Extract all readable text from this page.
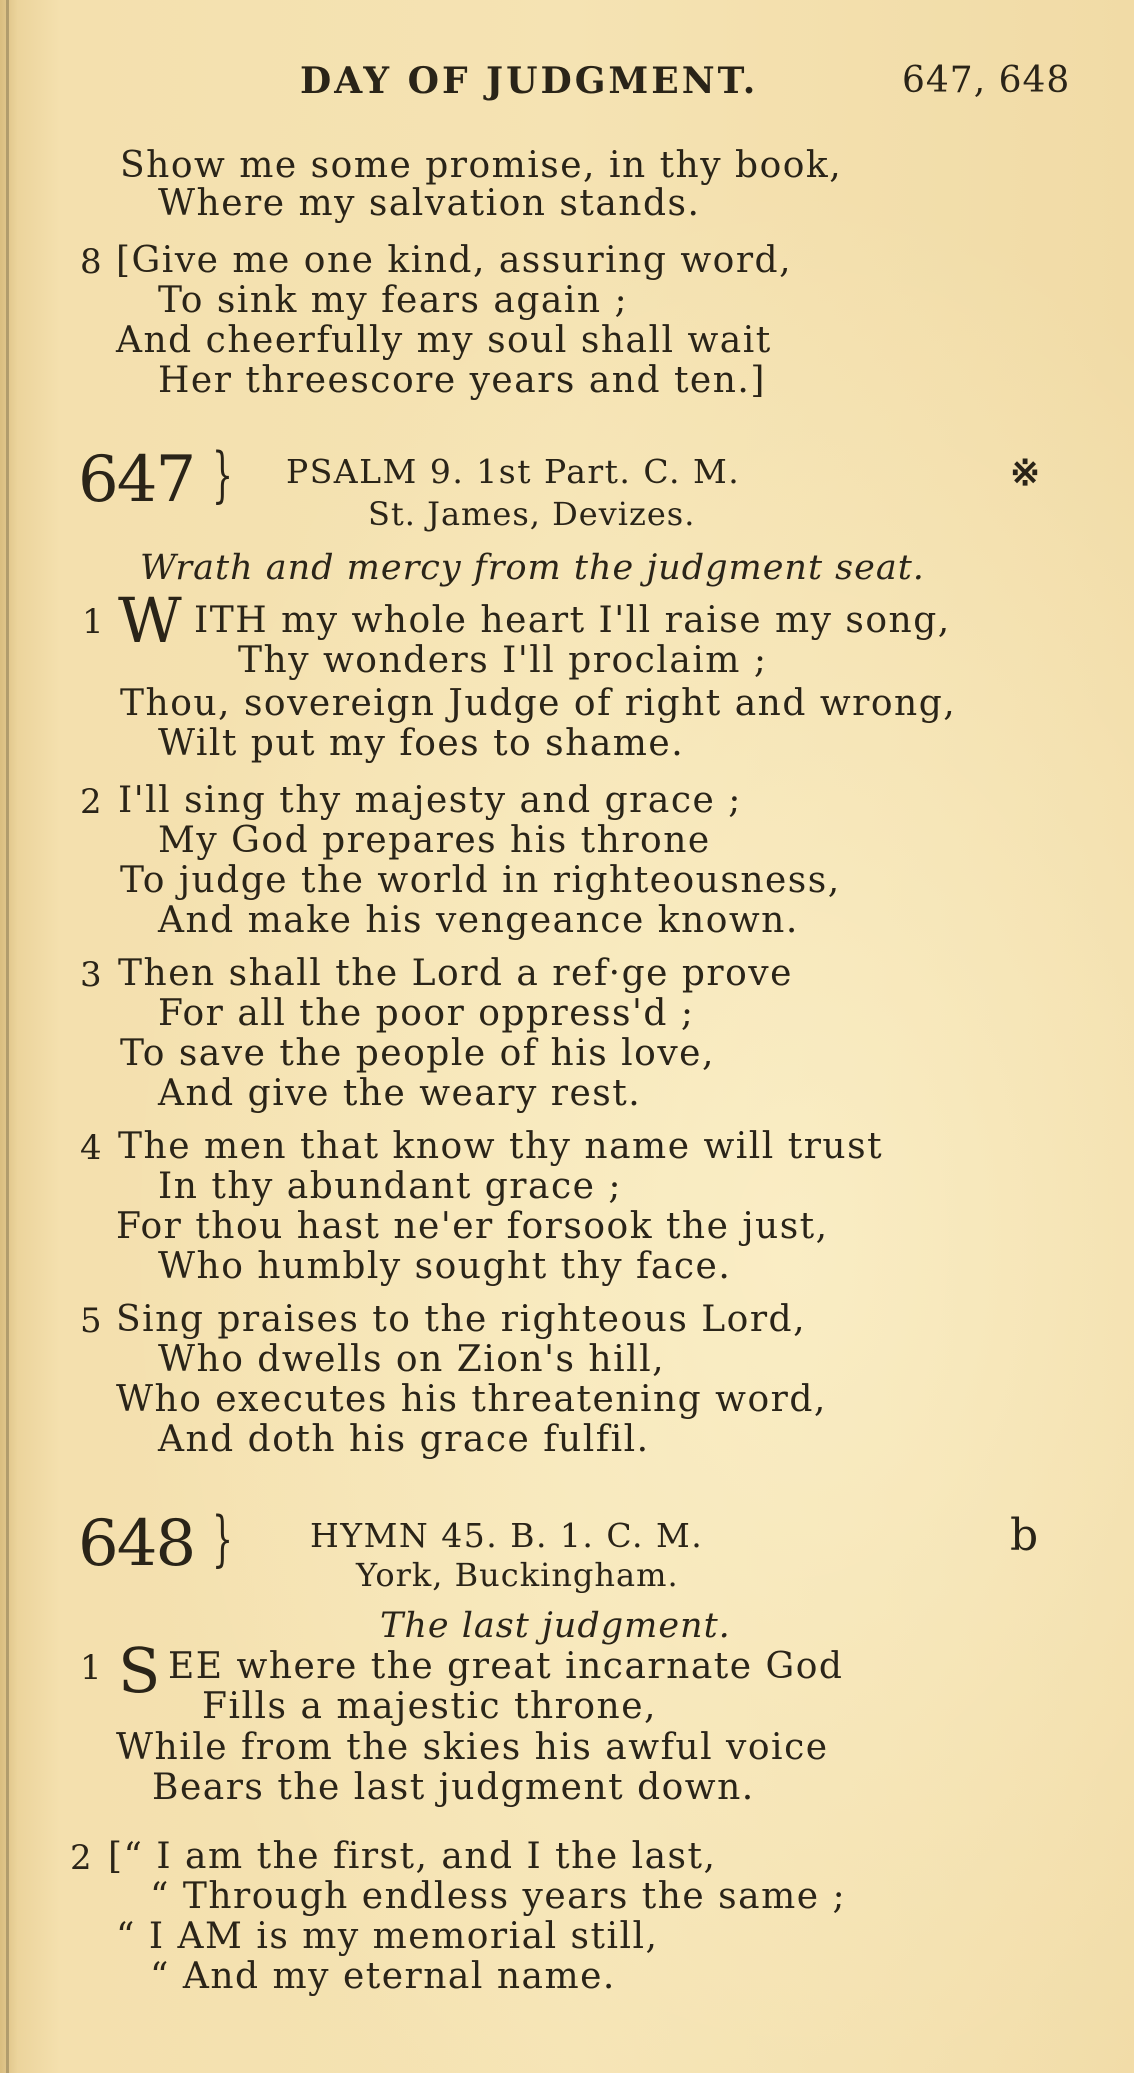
DAY OF JUDGMENT.	647, 648
Show me some promise, in thy book,
Where my salvation stands.
8 [Give me one kind, assuring word,
To sink my fears again ;
And cheerfully my soul shall wait
Her threescore years and ten.]
647 } PSALM 9. 1st Part. C. M.
St. James, Devizes.
※
Wrath and mercy from the judgment seat.
1 W ITH my whole heart I'll raise my song,
Thy wonders I'll proclaim ;
Thou, sovereign Judge of right and wrong,
Wilt put my foes to shame.
2 I'll sing thy majesty and grace ;
My God prepares his throne
To judge the world in righteousness,
And make his vengeance known.
3 Then shall the Lord a ref·ge prove
For all the poor oppress'd ;
To save the people of his love,
And give the weary rest.
4 The men that know thy name will trust
In thy abundant grace ;
For thou hast ne'er forsook the just,
Who humbly sought thy face.
5 Sing praises to the righteous Lord,
Who dwells on Zion's hill,
Who executes his threatening word,
And doth his grace fulfil.
648 } HYMN 45. B. 1. C. M.
York, Buckingham.
b
The last judgment.
1 S EE where the great incarnate God
Fills a majestic throne,
While from the skies his awful voice
Bears the last judgment down.
2 [“ I am the first, and I the last,
“ Through endless years the same ;
“ I AM is my memorial still,
“ And my eternal name.
